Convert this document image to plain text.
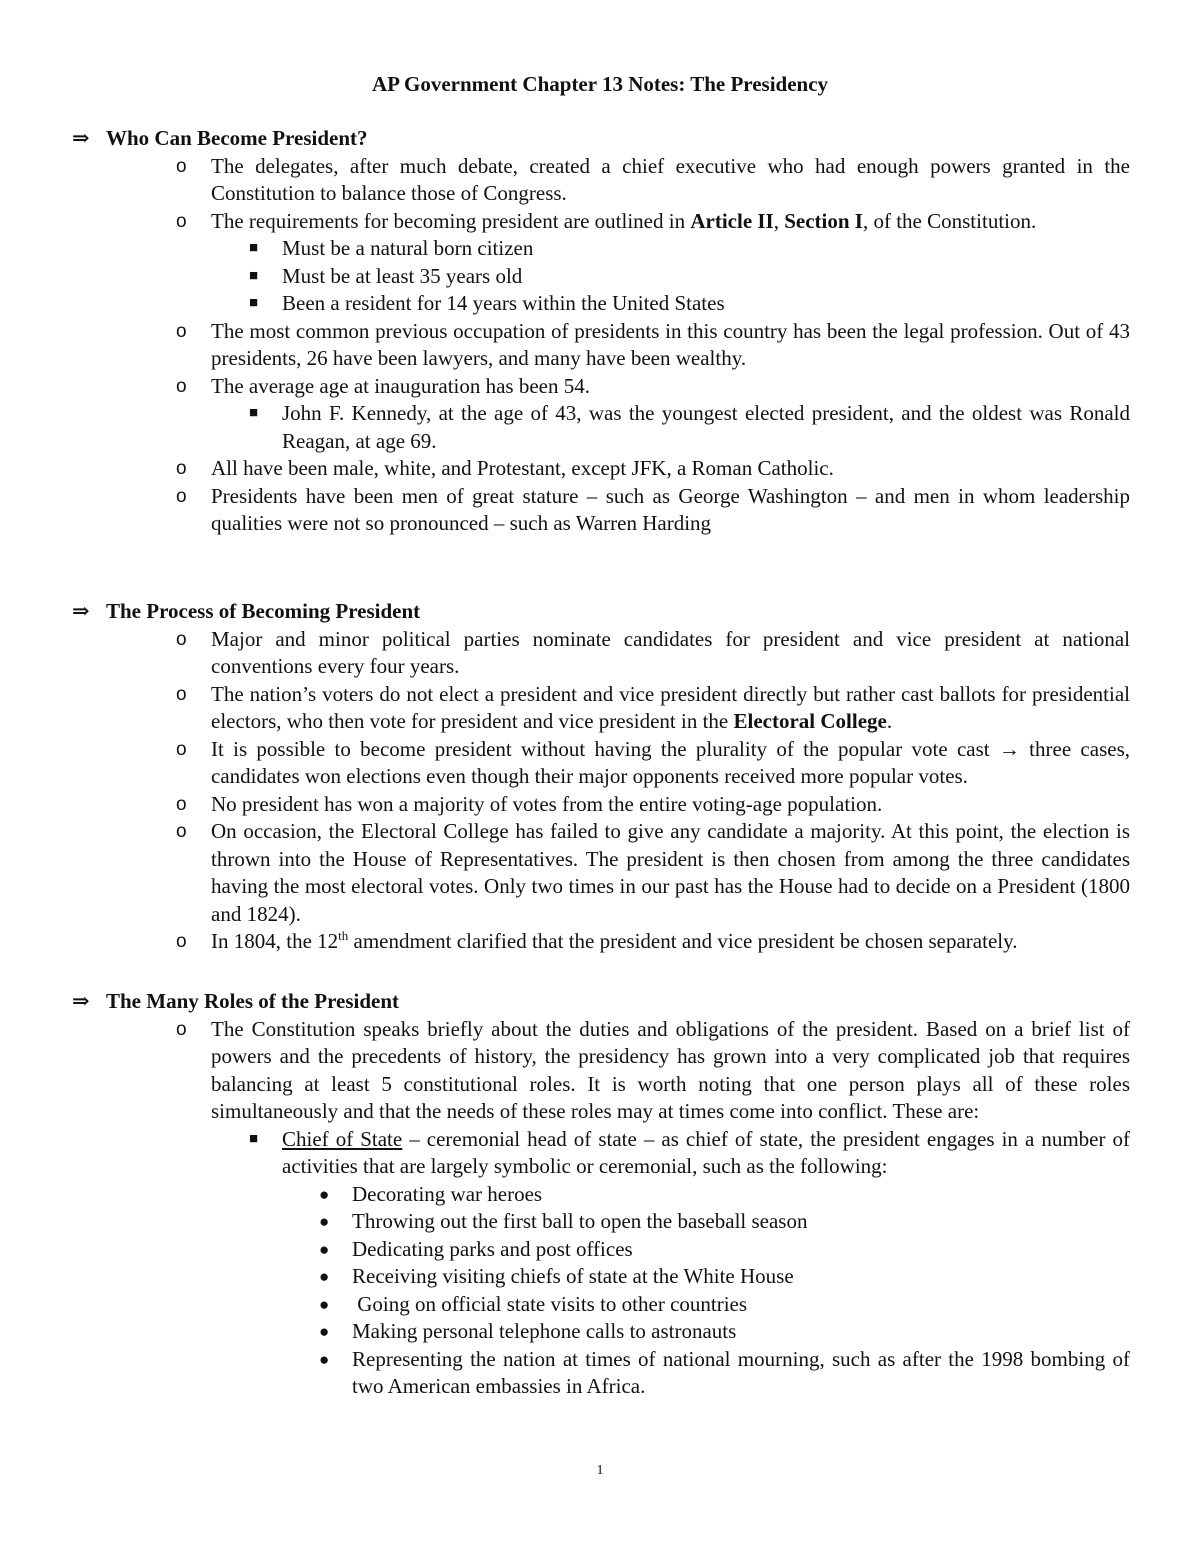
AP Government Chapter 13 Notes: The Presidency
⇒ Who Can Become President?
o The delegates, after much debate, created a chief executive who had enough powers granted in the Constitution to balance those of Congress.
o The requirements for becoming president are outlined in Article II, Section I, of the Constitution.
■ Must be a natural born citizen
■ Must be at least 35 years old
■ Been a resident for 14 years within the United States
o The most common previous occupation of presidents in this country has been the legal profession. Out of 43 presidents, 26 have been lawyers, and many have been wealthy.
o The average age at inauguration has been 54.
■ John F. Kennedy, at the age of 43, was the youngest elected president, and the oldest was Ronald Reagan, at age 69.
o All have been male, white, and Protestant, except JFK, a Roman Catholic.
o Presidents have been men of great stature – such as George Washington – and men in whom leadership qualities were not so pronounced – such as Warren Harding
⇒ The Process of Becoming President
o Major and minor political parties nominate candidates for president and vice president at national conventions every four years.
o The nation’s voters do not elect a president and vice president directly but rather cast ballots for presidential electors, who then vote for president and vice president in the Electoral College.
o It is possible to become president without having the plurality of the popular vote cast → three cases, candidates won elections even though their major opponents received more popular votes.
o No president has won a majority of votes from the entire voting-age population.
o On occasion, the Electoral College has failed to give any candidate a majority. At this point, the election is thrown into the House of Representatives. The president is then chosen from among the three candidates having the most electoral votes. Only two times in our past has the House had to decide on a President (1800 and 1824).
o In 1804, the 12th amendment clarified that the president and vice president be chosen separately.
⇒ The Many Roles of the President
o The Constitution speaks briefly about the duties and obligations of the president. Based on a brief list of powers and the precedents of history, the presidency has grown into a very complicated job that requires balancing at least 5 constitutional roles. It is worth noting that one person plays all of these roles simultaneously and that the needs of these roles may at times come into conflict. These are:
■ Chief of State – ceremonial head of state – as chief of state, the president engages in a number of activities that are largely symbolic or ceremonial, such as the following:
● Decorating war heroes
● Throwing out the first ball to open the baseball season
● Dedicating parks and post offices
● Receiving visiting chiefs of state at the White House
● Going on official state visits to other countries
● Making personal telephone calls to astronauts
● Representing the nation at times of national mourning, such as after the 1998 bombing of two American embassies in Africa.
1
